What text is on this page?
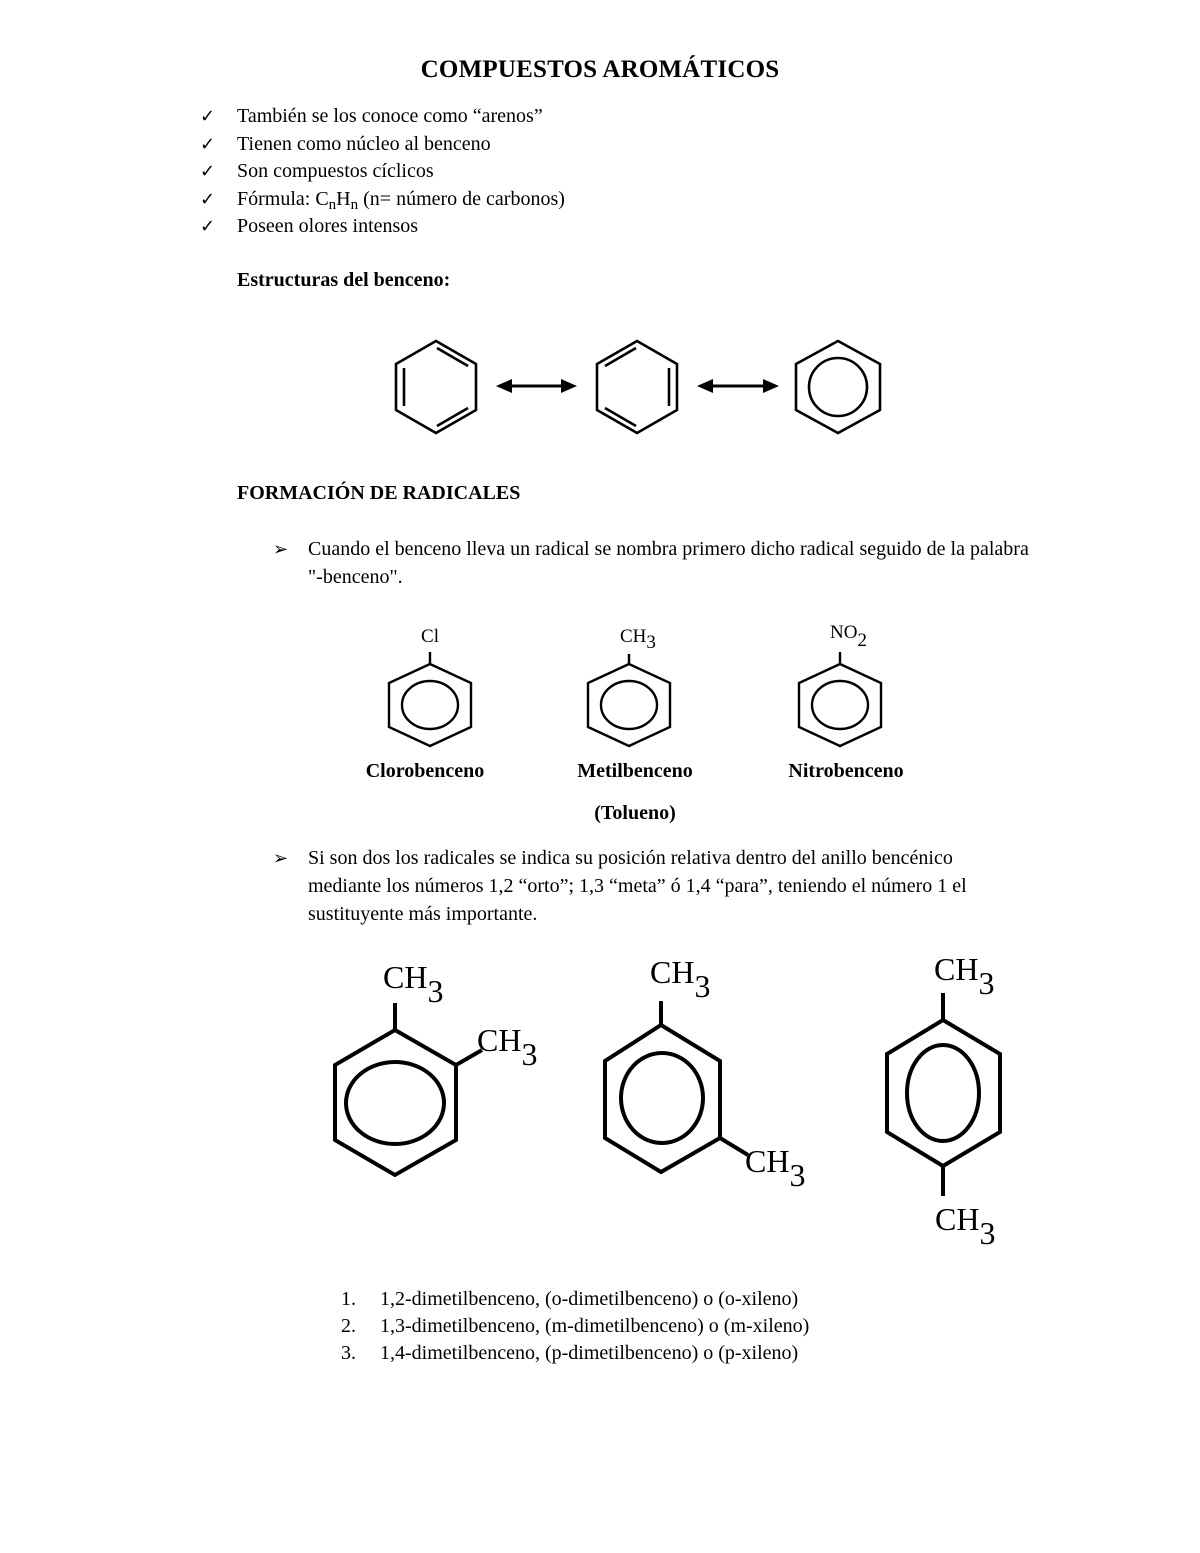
COMPUESTOS AROMÁTICOS
✓	También se los conoce como “arenos”
✓	Tienen como núcleo al benceno
✓	Son compuestos cíclicos
✓	Fórmula: $C_nH_n$ (n= número de carbonos)
✓	Poseen olores intensos
Estructuras del benceno:
Cl	CH3	NO2
CH3
CH3
CH3
CH3
CH3
CH3
FORMACIÓN DE RADICALES
➢ Cuando el benceno lleva un radical se nombra primero dicho radical seguido de la palabra "-benceno".
Clorobenceno	Metilbenceno	Nitrobenceno
(Tolueno)
➢ Si son dos los radicales se indica su posición relativa dentro del anillo bencénico mediante los números 1,2 “orto”; 1,3 “meta” ó 1,4 “para”, teniendo el número 1 el sustituyente más importante.
1.	1,2-dimetilbenceno, (o-dimetilbenceno) o (o-xileno)
2.	1,3-dimetilbenceno, (m-dimetilbenceno) o (m-xileno)
3.	1,4-dimetilbenceno, (p-dimetilbenceno) o (p-xileno)
